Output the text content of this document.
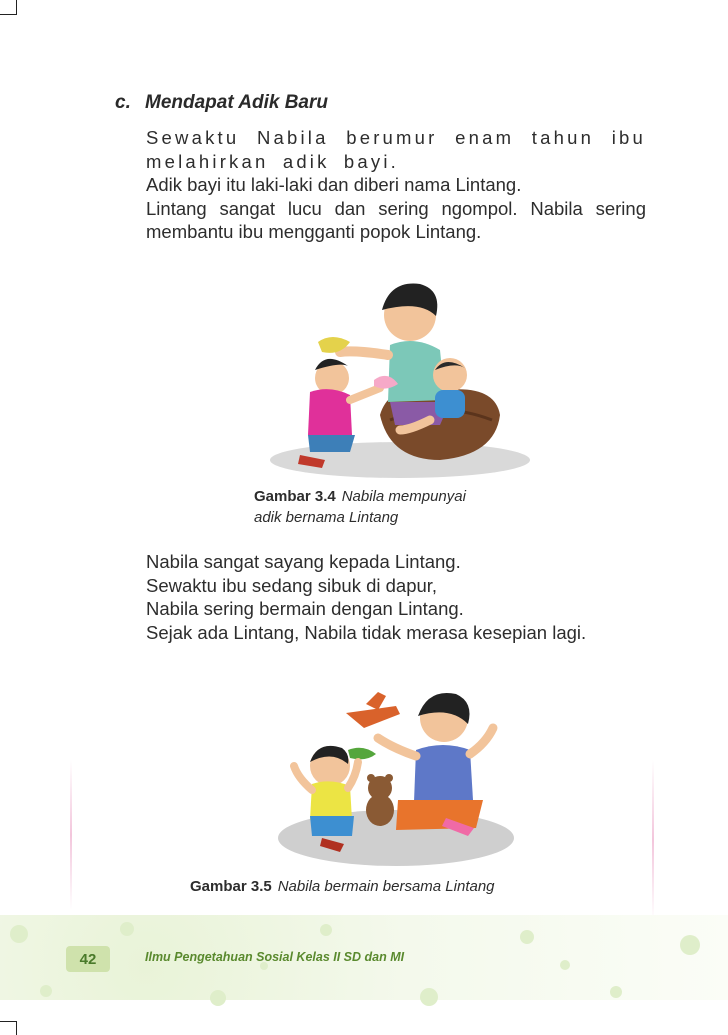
c. Mendapat Adik Baru

Sewaktu Nabila berumur enam tahun ibu melahirkan adik bayi.

Adik bayi itu laki-laki dan diberi nama Lintang.

Lintang sangat lucu dan sering ngompol. Nabila sering membantu ibu mengganti popok Lintang.

Gambar 3.4 Nabila mempunyai
adik bernama Lintang

Nabila sangat sayang kepada Lintang.

Sewaktu ibu sedang sibuk di dapur,

Nabila sering bermain dengan Lintang.

Sejak ada Lintang, Nabila tidak merasa kesepian lagi.

Gambar 3.5 Nabila bermain bersama Lintang
42	Ilmu Pengetahuan Sosial Kelas II SD dan MI
